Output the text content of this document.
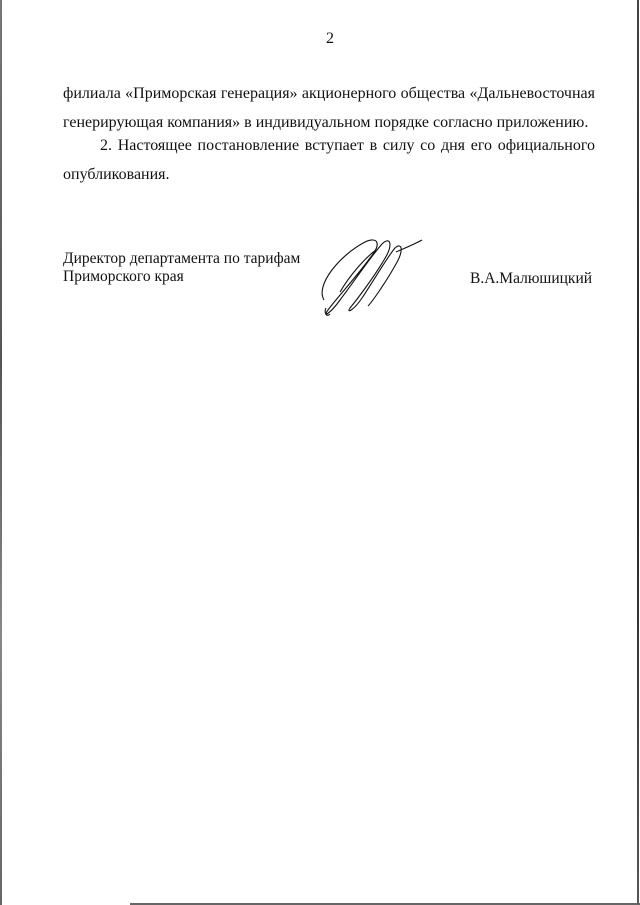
2
филиала «Приморская генерация» акционерного общества «Дальневосточная
генерирующая компания» в индивидуальном порядке согласно приложению.
2. Настоящее постановление вступает в силу со дня его официального
опубликования.
Директор департамента по тарифам
Приморского края	В.А.Малюшицкий
